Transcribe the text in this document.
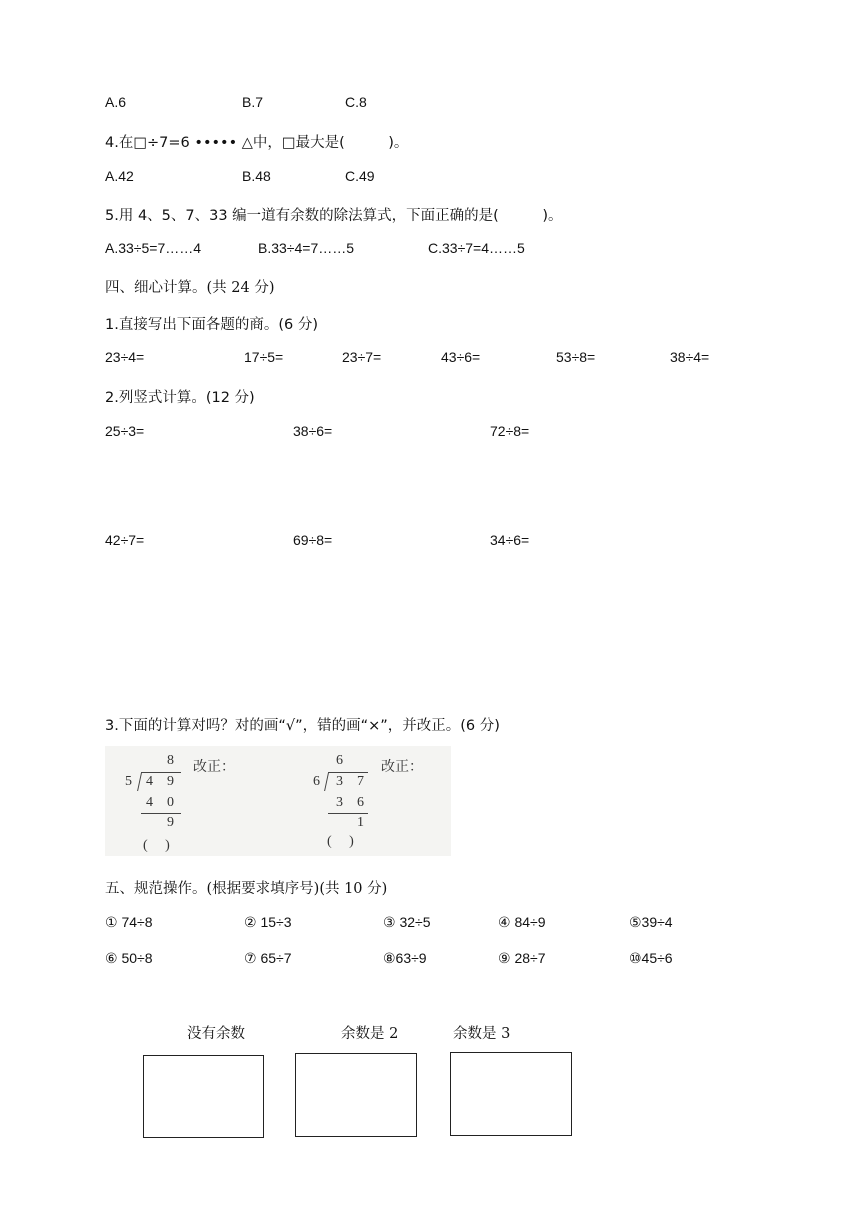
A.6	B.7	C.8
4.在□÷7=6 ••••• △中，□最大是(　　　)。
A.42	B.48	C.49
5.用 4、5、7、33 编一道有余数的除法算式，下面正确的是(　　　)。
A.33÷5=7……4	B.33÷4=7……5	C.33÷7=4……5
四、细心计算。(共 24 分)
1.直接写出下面各题的商。(6 分)
23÷4=	17÷5=	23÷7=	43÷6=	53÷8=	38÷4=
2.列竖式计算。(12 分)
25÷3=	38÷6=	72÷8=
42÷7=	69÷8=	34÷6=
3.下面的计算对吗？对的画“√”，错的画“×”，并改正。(6 分)
8
5 4 9
4 0
9
(　 )
改正：	6
6 3 7
3 6
1
(　 )
改正：
五、规范操作。(根据要求填序号)(共 10 分)
① 74÷8	② 15÷3	③ 32÷5	④ 84÷9	⑤39÷4
⑥ 50÷8	⑦ 65÷7	⑧63÷9	⑨ 28÷7	⑩45÷6
没有余数	余数是 2	余数是 3
